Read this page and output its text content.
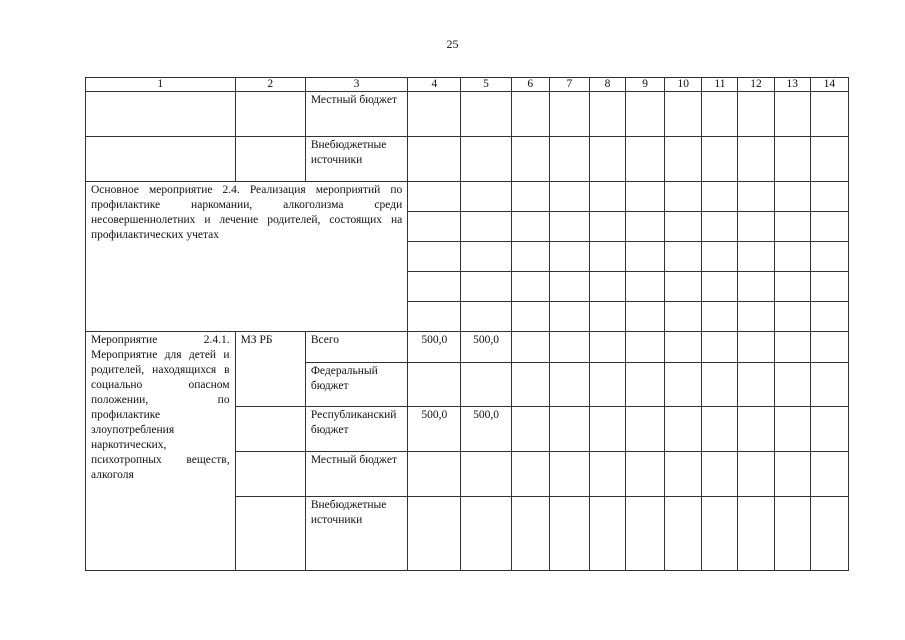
25
1	2	3	4	5	6	7	8	9	10	11	12	13	14

		Местный бюджет											

		Внебюджетные источники											

Основное мероприятие 2.4. Реализация мероприятий по профилактике наркомании, алкоголизма среди несовершеннолетних и лечение родителей, состоящих на профилактических учетах													

Мероприятие 2.4.1. Мероприятие для детей и родителей, находящихся в социально опасном положении, по профилактике злоупотребления наркотических, психотропных веществ, алкоголя	МЗ РБ	Всего	500,0	500,0									

		Федеральный бюджет											

		Республиканский бюджет	500,0	500,0									

		Местный бюджет											

		Внебюджетные источники											
